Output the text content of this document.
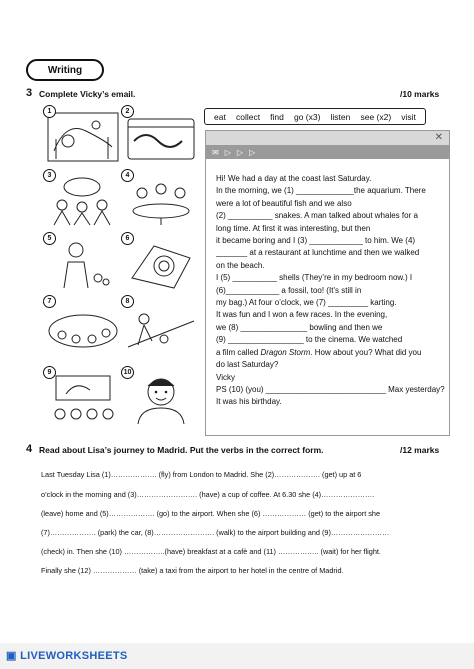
Writing
3 Complete Vicky’s email.	/10 marks
1	2
3	4
5	6
7	8
9	10
eat collect find go (x3) listen see (x2) visit
✕
✉ ▷ ▷ ▷
Hi! We had a day at the coast last Saturday.
In the morning, we (1) _____________the aquarium. There
were a lot of beautiful fish and we also
(2) __________ snakes. A man talked about whales for a
long time. At first it was interesting, but then
it became boring and I (3) ____________ to him. We (4)
_______ at a restaurant at lunchtime and then we walked
on the beach.
I (5) __________ shells (They’re in my bedroom now.) I
(6)____________ a fossil, too! (It’s still in
my bag.) At four o’clock, we (7) _________ karting.
It was fun and I won a few races. In the evening,
we (8) _______________ bowling and then we
(9) _________________ to the cinema. We watched
a film called Dragon Storm. How about you? What did you
do last Saturday?
Vicky
PS (10) (you) ___________________________ Max yesterday?
It was his birthday.
4 Read about Lisa’s journey to Madrid. Put the verbs in the correct form.	/12 marks
Last Tuesday Lisa (1)………………. (fly) from London to Madrid. She (2)………………. (get) up at 6
o’clock in the morning and (3)……………………. (have) a cup of coffee. At 6.30 she (4)………………….
(leave) home and (5)………………. (go) to the airport. When she (6) ……………… (get) to the airport she
(7)………………. (park) the car, (8)……………………. (walk) to the airport building and (9)……………………
(check) in. Then she (10) ……………..(have) breakfast at a cafè and (11) …………….. (wait) for her flight.
Finally she (12) ……………… (take) a taxi from the airport to her hotel in the centre of Madrid.
▣ LIVEWORKSHEETS
